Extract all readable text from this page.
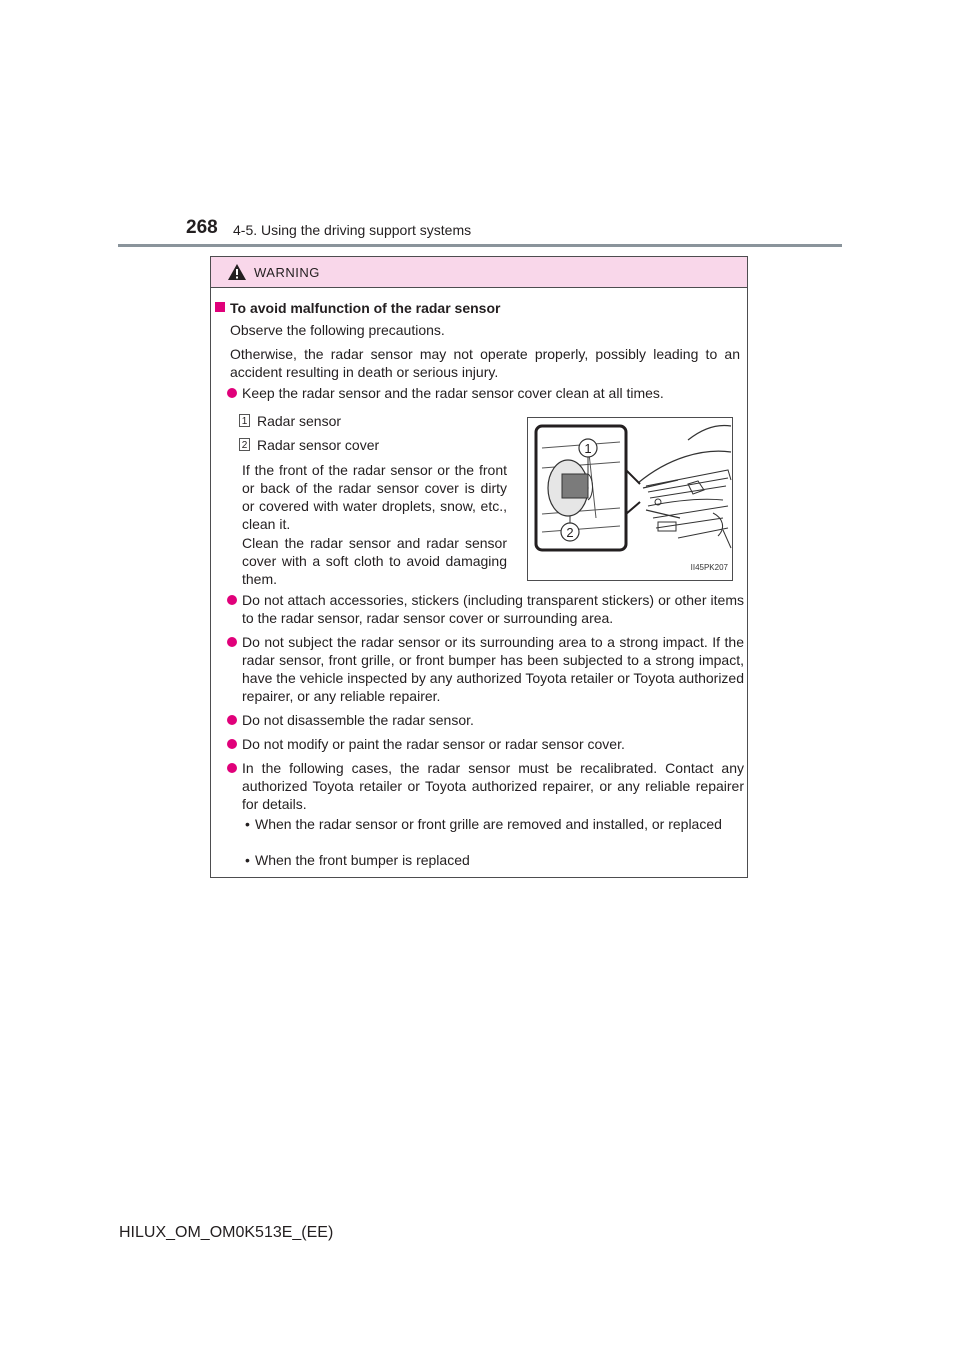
268 4-5. Using the driving support systems
WARNING
To avoid malfunction of the radar sensor
Observe the following precautions.
Otherwise, the radar sensor may not operate properly, possibly leading to an accident resulting in death or serious injury.
Keep the radar sensor and the radar sensor cover clean at all times.
1 Radar sensor
2 Radar sensor cover
If the front of the radar sensor or the front or back of the radar sensor cover is dirty or covered with water droplets, snow, etc., clean it.
Clean the radar sensor and radar sensor cover with a soft cloth to avoid damaging them.
1
2
II45PK207
Do not attach accessories, stickers (including transparent stickers) or other items to the radar sensor, radar sensor cover or surrounding area.
Do not subject the radar sensor or its surrounding area to a strong impact. If the radar sensor, front grille, or front bumper has been subjected to a strong impact, have the vehicle inspected by any authorized Toyota retailer or Toyota authorized repairer, or any reliable repairer.
Do not disassemble the radar sensor.
Do not modify or paint the radar sensor or radar sensor cover.
In the following cases, the radar sensor must be recalibrated. Contact any authorized Toyota retailer or Toyota authorized repairer, or any reliable repairer for details.
• When the radar sensor or front grille are removed and installed, or replaced
• When the front bumper is replaced
HILUX_OM_OM0K513E_(EE)
